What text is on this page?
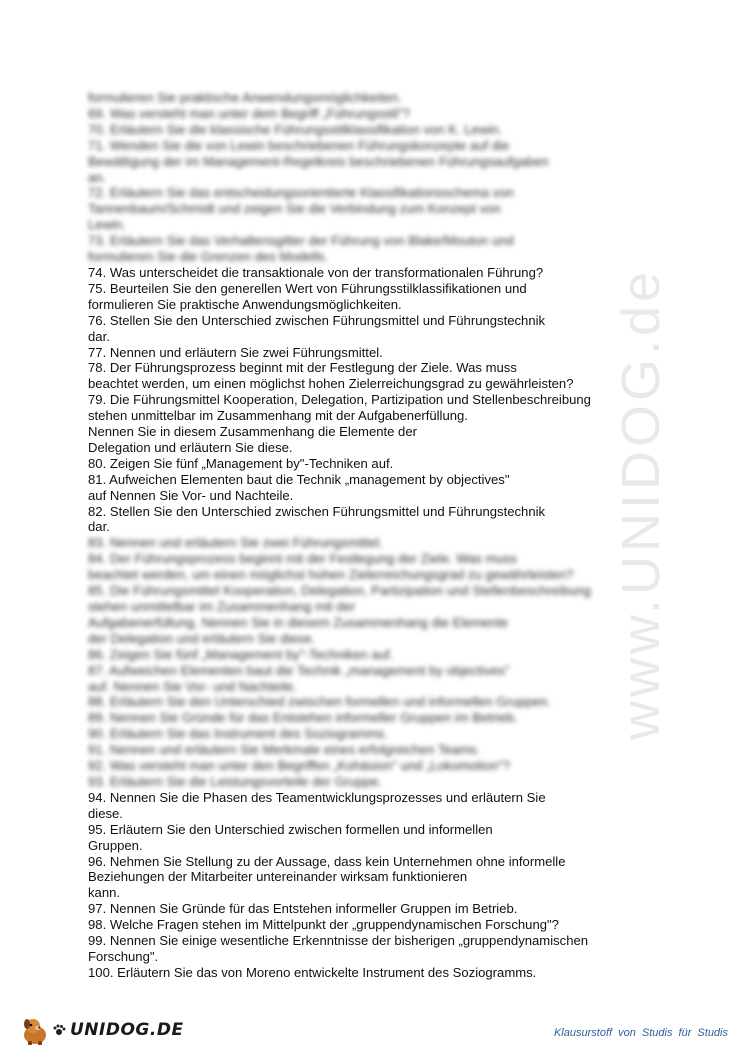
www.UNIDOG.de
formulieren Sie praktische Anwendungsmöglichkeiten.
69. Was versteht man unter dem Begriff „Führungsstil"?
70. Erläutern Sie die klassische Führungsstilklassifikation von K. Lewin.
71. Wenden Sie die von Lewin beschriebenen Führungskonzepte auf die
Bewältigung der im Management-Regelkreis beschriebenen Führungsaufgaben
an.
72. Erläutern Sie das entscheidungsorientierte Klassifikationsschema von
Tannenbaum/Schmidt und zeigen Sie die Verbindung zum Konzept von
Lewin.
73. Erläutern Sie das Verhaltensgitter der Führung von Blake/Mouton und
formulieren Sie die Grenzen des Modells.
74. Was unterscheidet die transaktionale von der transformationalen Führung?
75. Beurteilen Sie den generellen Wert von Führungsstilklassifikationen und
formulieren Sie praktische Anwendungsmöglichkeiten.
76. Stellen Sie den Unterschied zwischen Führungsmittel und Führungstechnik
dar.
77. Nennen und erläutern Sie zwei Führungsmittel.
78. Der Führungsprozess beginnt mit der Festlegung der Ziele. Was muss
beachtet werden, um einen möglichst hohen Zielerreichungsgrad zu gewährleisten?
79. Die Führungsmittel Kooperation, Delegation, Partizipation und Stellenbeschreibung
stehen unmittelbar im Zusammenhang mit der Aufgabenerfüllung.
Nennen Sie in diesem Zusammenhang die Elemente der
Delegation und erläutern Sie diese.
80. Zeigen Sie fünf „Management by"-Techniken auf.
81. Aufweichen Elementen baut die Technik „management by objectives"
auf Nennen Sie Vor- und Nachteile.
82. Stellen Sie den Unterschied zwischen Führungsmittel und Führungstechnik
dar.
83. Nennen und erläutern Sie zwei Führungsmittel.
84. Der Führungsprozess beginnt mit der Festlegung der Ziele. Was muss
beachtet werden, um einen möglichst hohen Zielerreichungsgrad zu gewährleisten?
85. Die Führungsmittel Kooperation, Delegation, Partizipation und Stellenbeschreibung
stehen unmittelbar im Zusammenhang mit der
Aufgabenerfüllung. Nennen Sie in diesem Zusammenhang die Elemente
der Delegation und erläutern Sie diese.
86. Zeigen Sie fünf „Management by"-Techniken auf.
87. Aufweichen Elementen baut die Technik „management by objectives"
auf. Nennen Sie Vor- und Nachteile.
88. Erläutern Sie den Unterschied zwischen formellen und informellen Gruppen.
89. Nennen Sie Gründe für das Entstehen informeller Gruppen im Betrieb.
90. Erläutern Sie das Instrument des Soziogramms.
91. Nennen und erläutern Sie Merkmale eines erfolgreichen Teams.
92. Was versteht man unter den Begriffen „Kohäsion" und „Lokomotion"?
93. Erläutern Sie die Leistungsvorteile der Gruppe.
94. Nennen Sie die Phasen des Teamentwicklungsprozesses und erläutern Sie
diese.
95. Erläutern Sie den Unterschied zwischen formellen und informellen
Gruppen.
96. Nehmen Sie Stellung zu der Aussage, dass kein Unternehmen ohne informelle
Beziehungen der Mitarbeiter untereinander wirksam funktionieren
kann.
97. Nennen Sie Gründe für das Entstehen informeller Gruppen im Betrieb.
98. Welche Fragen stehen im Mittelpunkt der „gruppendynamischen Forschung"?
99. Nennen Sie einige wesentliche Erkenntnisse der bisherigen „gruppendynamischen
Forschung".
100. Erläutern Sie das von Moreno entwickelte Instrument des Soziogramms.
UNIDOG.DE	Klausurstoff von Studis für Studis
